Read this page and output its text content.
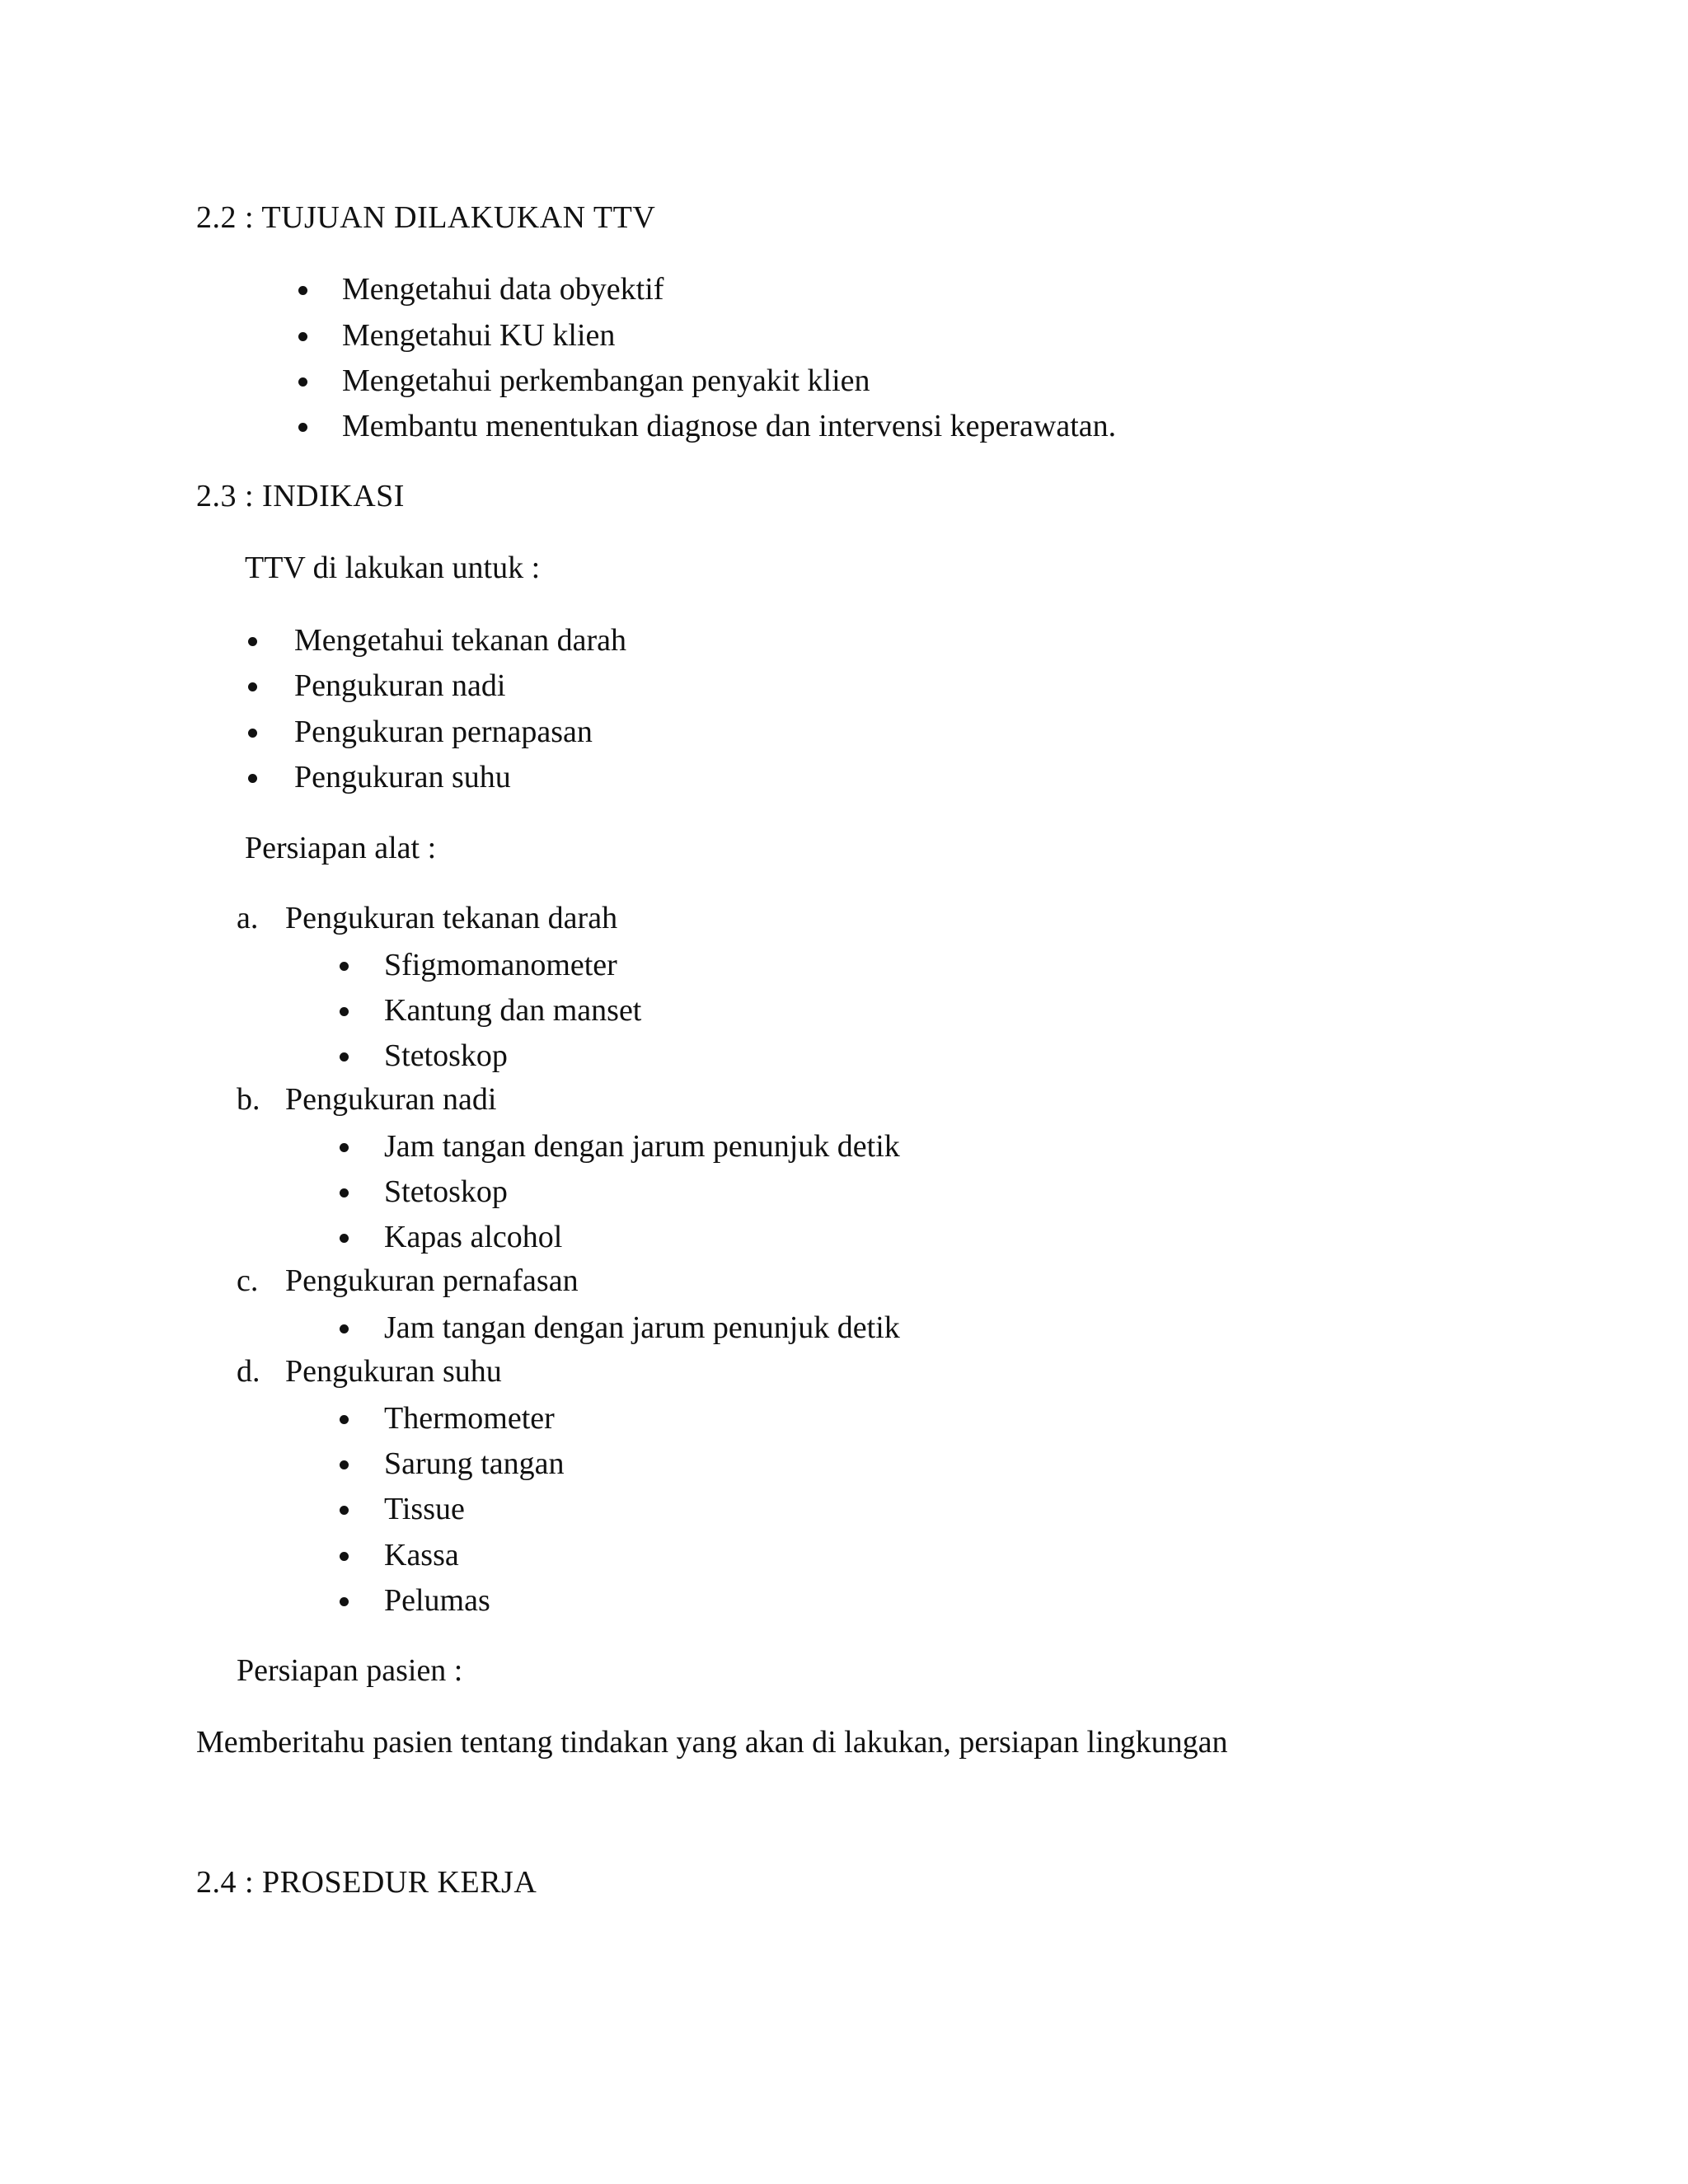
2.2 : TUJUAN DILAKUKAN TTV
Mengetahui data obyektif
Mengetahui KU klien
Mengetahui perkembangan penyakit klien
Membantu menentukan diagnose dan intervensi keperawatan.
2.3 : INDIKASI
TTV di lakukan untuk :
Mengetahui tekanan darah
Pengukuran nadi
Pengukuran pernapasan
Pengukuran suhu
Persiapan alat :
a. Pengukuran tekanan darah
Sfigmomanometer
Kantung dan manset
Stetoskop
b. Pengukuran nadi
Jam tangan dengan jarum penunjuk detik
Stetoskop
Kapas alcohol
c. Pengukuran pernafasan
Jam tangan dengan jarum penunjuk detik
d. Pengukuran suhu
Thermometer
Sarung tangan
Tissue
Kassa
Pelumas
Persiapan pasien :
Memberitahu pasien tentang tindakan yang akan di lakukan, persiapan lingkungan
2.4 : PROSEDUR KERJA
